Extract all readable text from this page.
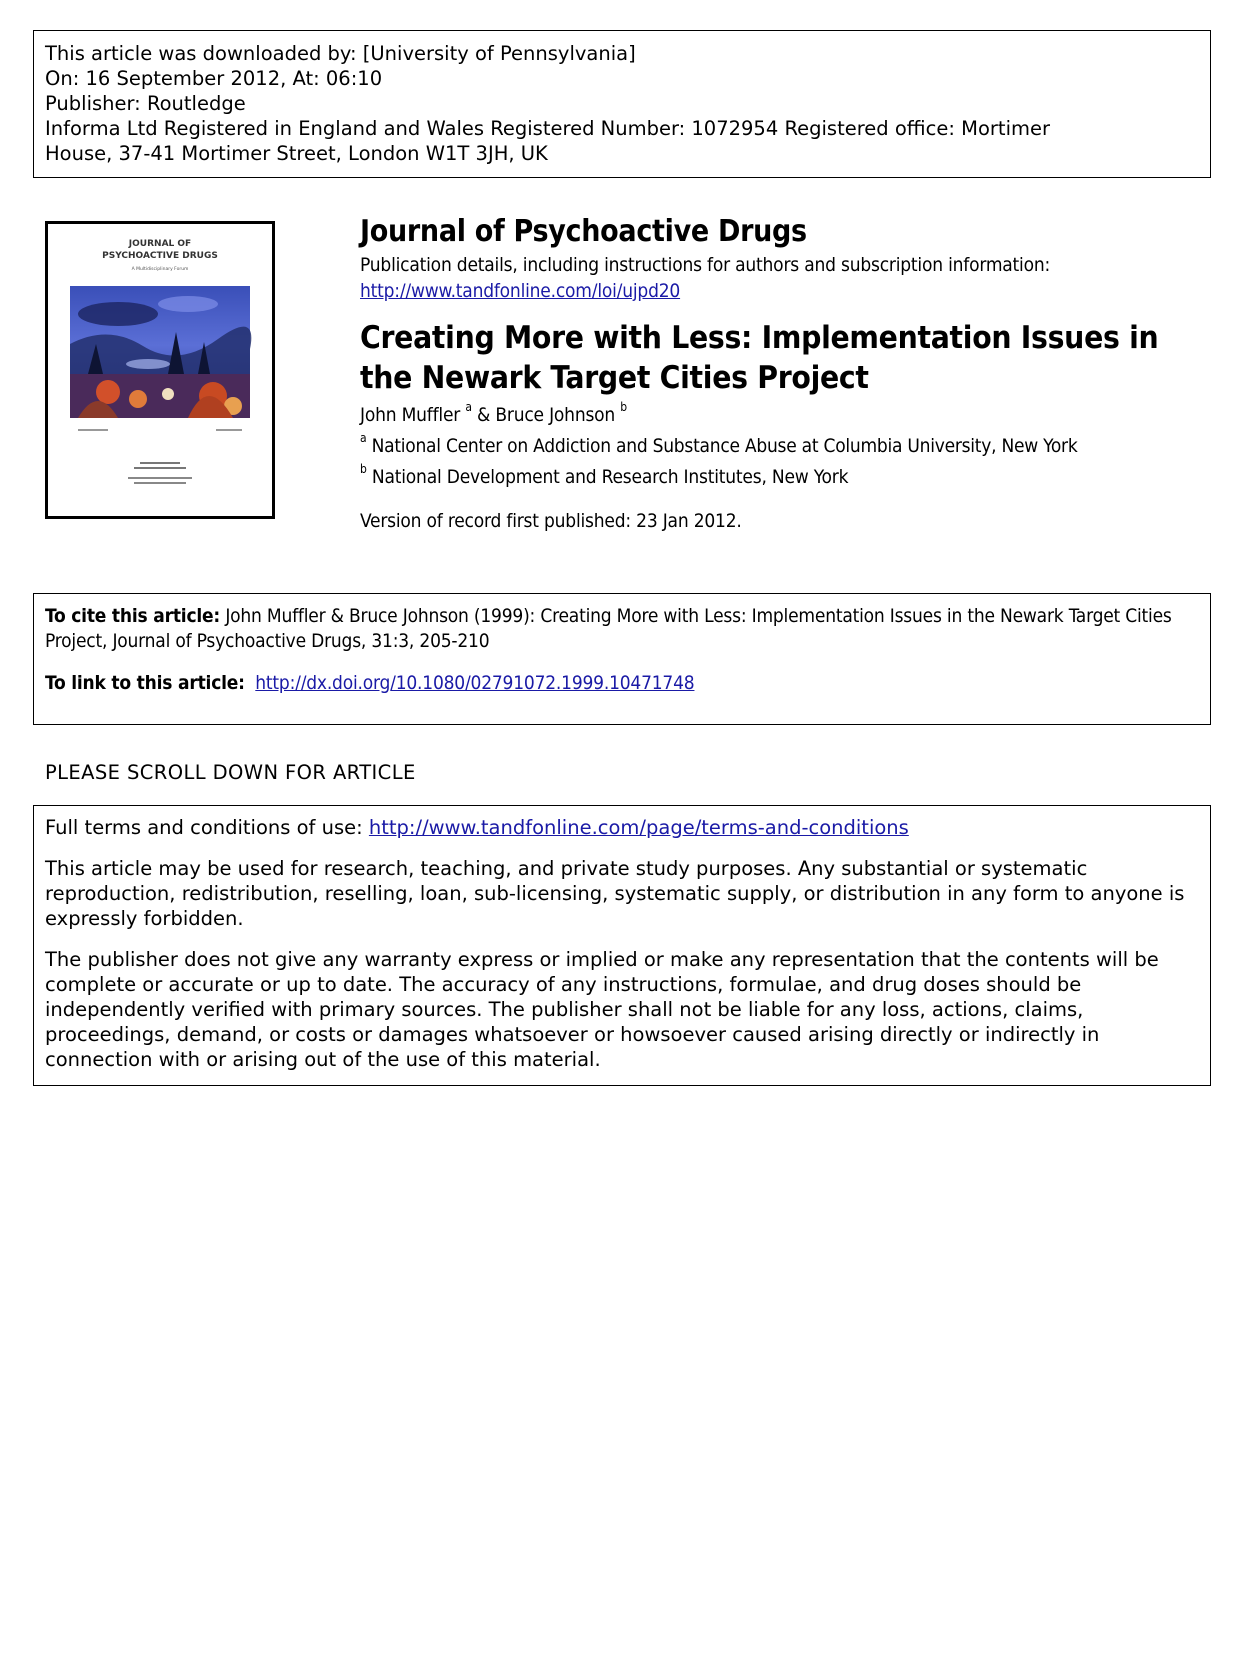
This article was downloaded by: [University of Pennsylvania]
On: 16 September 2012, At: 06:10
Publisher: Routledge
Informa Ltd Registered in England and Wales Registered Number: 1072954 Registered office: Mortimer
House, 37-41 Mortimer Street, London W1T 3JH, UK
JOURNAL OF
PSYCHOACTIVE DRUGS
A Multidisciplinary Forum
Journal of Psychoactive Drugs
Publication details, including instructions for authors and subscription information:
http://www.tandfonline.com/loi/ujpd20
Creating More with Less: Implementation Issues in the Newark Target Cities Project
John Muffler $^a$ & Bruce Johnson $^b$
$^a$ National Center on Addiction and Substance Abuse at Columbia University, New York
$^b$ National Development and Research Institutes, New York
Version of record first published: 23 Jan 2012.
To cite this article: John Muffler & Bruce Johnson (1999): Creating More with Less: Implementation Issues in the Newark Target Cities Project, Journal of Psychoactive Drugs, 31:3, 205-210
To link to this article: http://dx.doi.org/10.1080/02791072.1999.10471748
PLEASE SCROLL DOWN FOR ARTICLE
Full terms and conditions of use: http://www.tandfonline.com/page/terms-and-conditions
This article may be used for research, teaching, and private study purposes. Any substantial or systematic reproduction, redistribution, reselling, loan, sub-licensing, systematic supply, or distribution in any form to anyone is expressly forbidden.
The publisher does not give any warranty express or implied or make any representation that the contents will be complete or accurate or up to date. The accuracy of any instructions, formulae, and drug doses should be independently verified with primary sources. The publisher shall not be liable for any loss, actions, claims, proceedings, demand, or costs or damages whatsoever or howsoever caused arising directly or indirectly in connection with or arising out of the use of this material.
